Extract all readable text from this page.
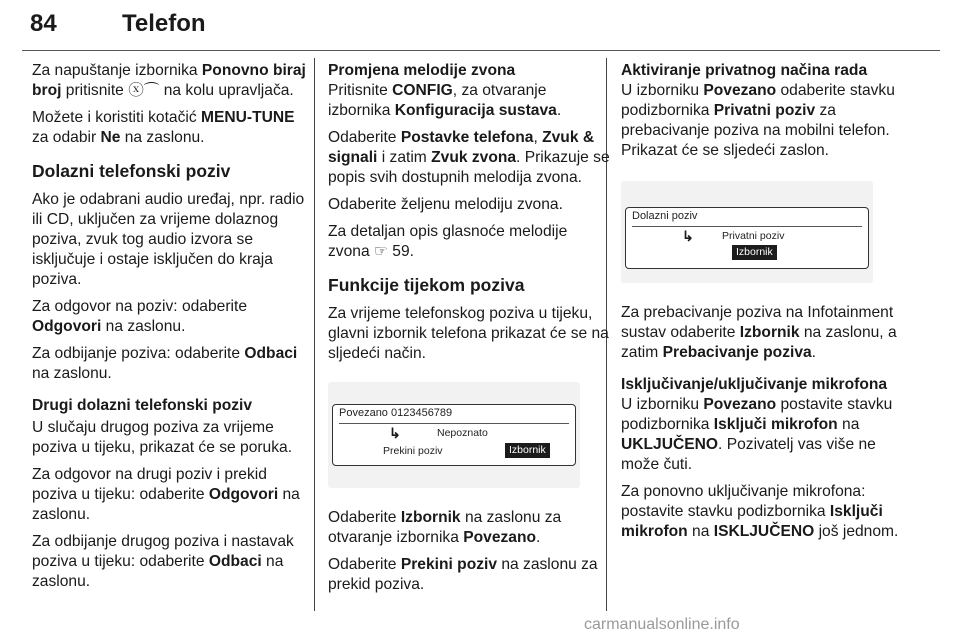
84	Telefon

Za napuštanje izbornika Ponovno biraj broj pritisnite ⓧ⌒ na kolu upravljača.

Možete i koristiti kotačić MENU-TUNE za odabir Ne na zaslonu.

Dolazni telefonski poziv

Ako je odabrani audio uređaj, npr. radio ili CD, uključen za vrijeme dolaznog poziva, zvuk tog audio izvora se isključuje i ostaje isključen do kraja poziva.

Za odgovor na poziv: odaberite Odgovori na zaslonu.

Za odbijanje poziva: odaberite Odbaci na zaslonu.

Drugi dolazni telefonski poziv

U slučaju drugog poziva za vrijeme poziva u tijeku, prikazat će se poruka.

Za odgovor na drugi poziv i prekid poziva u tijeku: odaberite Odgovori na zaslonu.

Za odbijanje drugog poziva i nastavak poziva u tijeku: odaberite Odbaci na zaslonu.

Promjena melodije zvona

Pritisnite CONFIG, za otvaranje izbornika Konfiguracija sustava.

Odaberite Postavke telefona, Zvuk & signali i zatim Zvuk zvona. Prikazuje se popis svih dostupnih melodija zvona.

Odaberite željenu melodiju zvona.

Za detaljan opis glasnoće melodije zvona ☞ 59.

Funkcije tijekom poziva

Za vrijeme telefonskog poziva u tijeku, glavni izbornik telefona prikazat će se na sljedeći način.

Povezano 0123456789
↳	Nepoznato
Prekini poziv	Izbornik

Odaberite Izbornik na zaslonu za otvaranje izbornika Povezano.

Odaberite Prekini poziv na zaslonu za prekid poziva.

Aktiviranje privatnog načina rada

U izborniku Povezano odaberite stavku podizbornika Privatni poziv za prebacivanje poziva na mobilni telefon. Prikazat će se sljedeći zaslon.

Dolazni poziv
↳	Privatni poziv
Izbornik

Za prebacivanje poziva na Infotainment sustav odaberite Izbornik na zaslonu, a zatim Prebacivanje poziva.

Isključivanje/uključivanje mikrofona

U izborniku Povezano postavite stavku podizbornika Isključi mikrofon na UKLJUČENO. Pozivatelj vas više ne može čuti.

Za ponovno uključivanje mikrofona: postavite stavku podizbornika Isključi mikrofon na ISKLJUČENO još jednom.

carmanualsonline.info
